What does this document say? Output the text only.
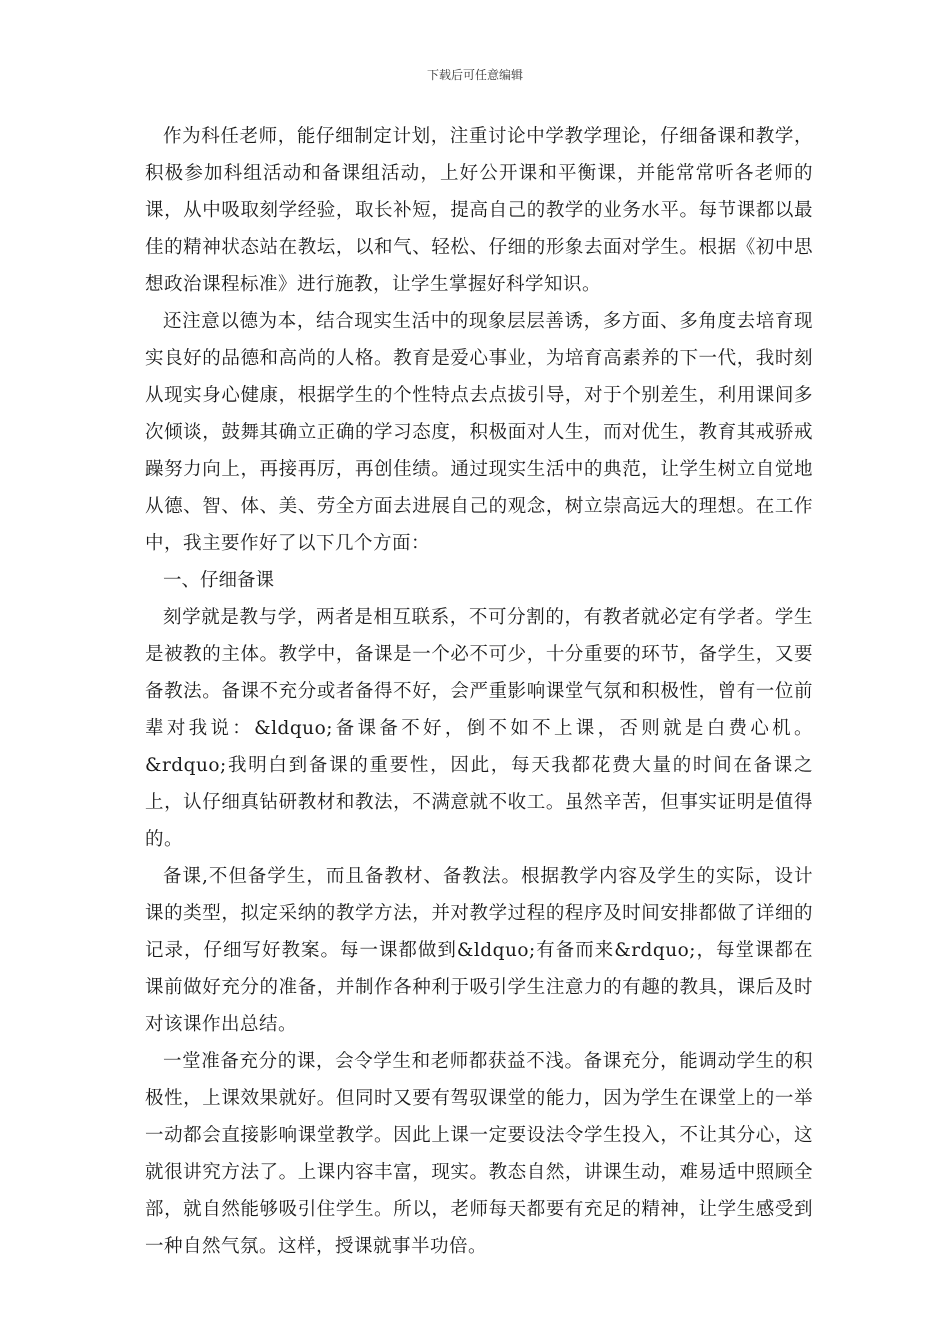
下载后可任意编辑

作为科任老师，能仔细制定计划，注重讨论中学教学理论，仔细备课和教学，积极参加科组活动和备课组活动，上好公开课和平衡课，并能常常听各老师的课，从中吸取刻学经验，取长补短，提高自己的教学的业务水平。每节课都以最佳的精神状态站在教坛，以和气、轻松、仔细的形象去面对学生。根据《初中思想政治课程标准》进行施教，让学生掌握好科学知识。

还注意以德为本，结合现实生活中的现象层层善诱，多方面、多角度去培育现实良好的品德和高尚的人格。教育是爱心事业，为培育高素养的下一代，我时刻从现实身心健康，根据学生的个性特点去点拔引导，对于个别差生，利用课间多次倾谈，鼓舞其确立正确的学习态度，积极面对人生，而对优生，教育其戒骄戒躁努力向上，再接再厉，再创佳绩。通过现实生活中的典范，让学生树立自觉地从德、智、体、美、劳全方面去进展自己的观念，树立崇高远大的理想。在工作中，我主要作好了以下几个方面：

一、仔细备课

刻学就是教与学，两者是相互联系，不可分割的，有教者就必定有学者。学生是被教的主体。教学中，备课是一个必不可少，十分重要的环节，备学生，又要备教法。备课不充分或者备得不好，会严重影响课堂气氛和积极性，曾有一位前辈对我说：&ldquo;备课备不好，倒不如不上课，否则就是白费心机。&rdquo;我明白到备课的重要性，因此，每天我都花费大量的时间在备课之上，认仔细真钻研教材和教法，不满意就不收工。虽然辛苦，但事实证明是值得的。

备课,不但备学生，而且备教材、备教法。根据教学内容及学生的实际，设计课的类型，拟定采纳的教学方法，并对教学过程的程序及时间安排都做了详细的记录，仔细写好教案。每一课都做到&ldquo;有备而来&rdquo;，每堂课都在课前做好充分的准备，并制作各种利于吸引学生注意力的有趣的教具，课后及时对该课作出总结。

一堂准备充分的课，会令学生和老师都获益不浅。备课充分，能调动学生的积极性，上课效果就好。但同时又要有驾驭课堂的能力，因为学生在课堂上的一举一动都会直接影响课堂教学。因此上课一定要设法令学生投入，不让其分心，这就很讲究方法了。上课内容丰富，现实。教态自然，讲课生动，难易适中照顾全部，就自然能够吸引住学生。所以，老师每天都要有充足的精神，让学生感受到一种自然气氛。这样，授课就事半功倍。
